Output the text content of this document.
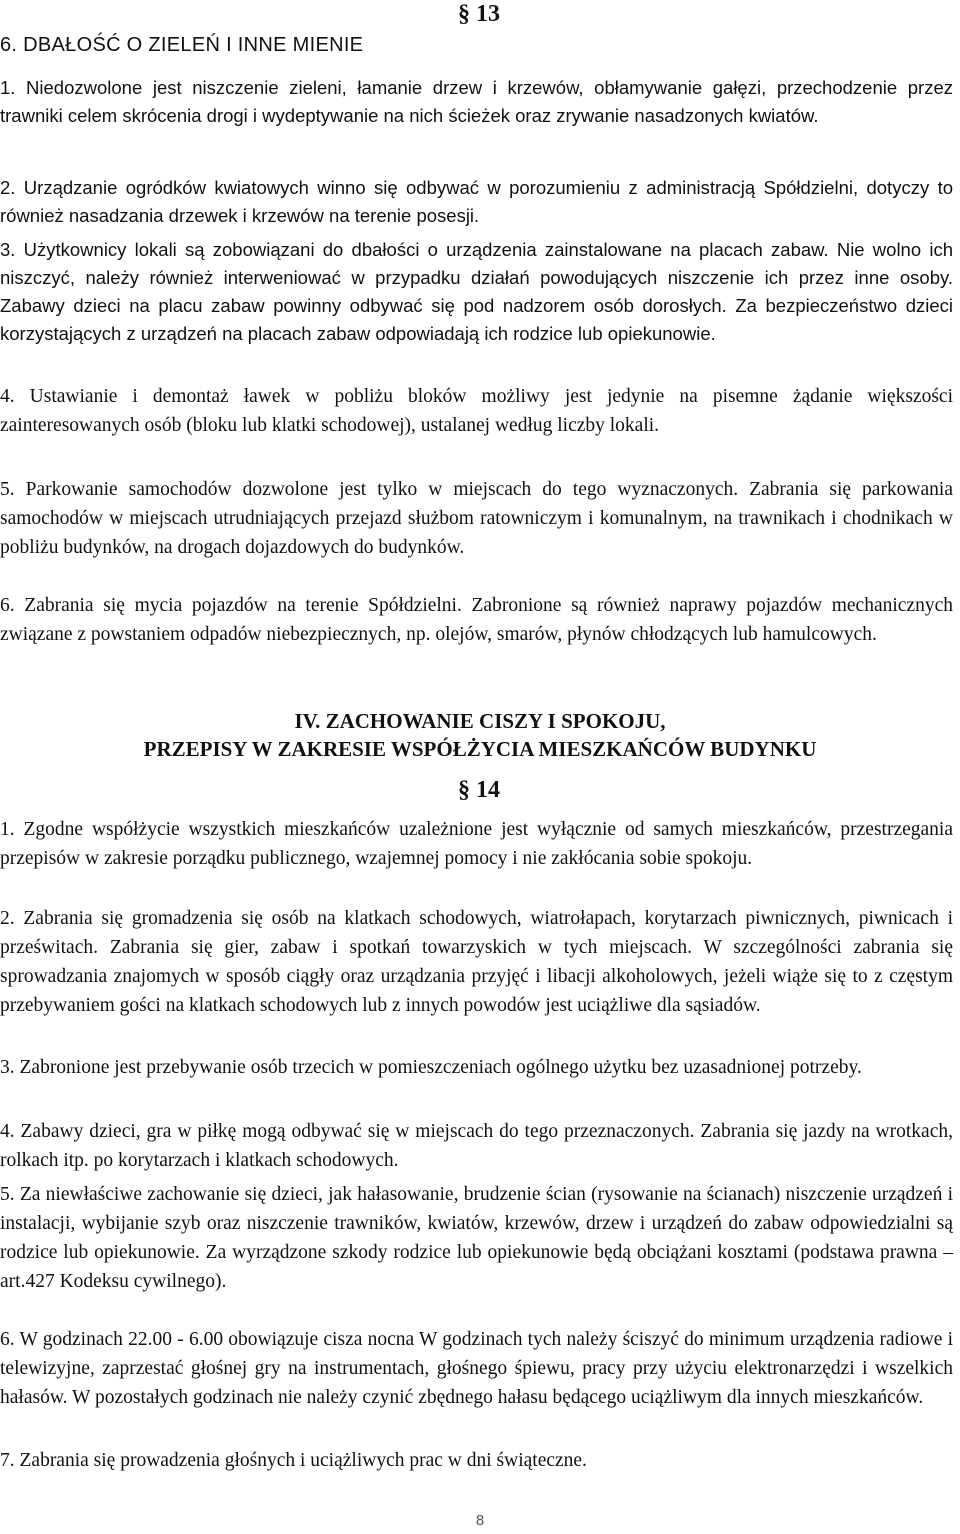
§ 13
6. DBAŁOŚĆ O ZIELEŃ I INNE MIENIE
1. Niedozwolone jest niszczenie zieleni, łamanie drzew i krzewów, obłamywanie gałęzi, przechodzenie przez trawniki celem skrócenia drogi i wydeptywanie na nich ścieżek oraz zrywanie nasadzonych kwiatów.
2. Urządzanie ogródków kwiatowych winno się odbywać w porozumieniu z administracją Spółdzielni, dotyczy to również nasadzania drzewek i krzewów na terenie posesji.
3. Użytkownicy lokali są zobowiązani do dbałości o urządzenia zainstalowane na placach zabaw. Nie wolno ich niszczyć, należy również interweniować w przypadku działań powodujących niszczenie ich przez inne osoby. Zabawy dzieci na placu zabaw powinny odbywać się pod nadzorem osób dorosłych. Za bezpieczeństwo dzieci korzystających z urządzeń na placach zabaw odpowiadają ich rodzice lub opiekunowie.
4. Ustawianie i demontaż ławek w pobliżu bloków możliwy jest jedynie na pisemne żądanie większości zainteresowanych osób (bloku lub klatki schodowej), ustalanej według liczby lokali.
5. Parkowanie samochodów dozwolone jest tylko w miejscach do tego wyznaczonych. Zabrania się parkowania samochodów w miejscach utrudniających przejazd służbom ratowniczym i komunalnym, na trawnikach i chodnikach w pobliżu budynków, na drogach dojazdowych do budynków.
6. Zabrania się mycia pojazdów na terenie Spółdzielni. Zabronione są również naprawy pojazdów mechanicznych związane z powstaniem odpadów niebezpiecznych, np. olejów, smarów, płynów chłodzących lub hamulcowych.
IV. ZACHOWANIE CISZY I SPOKOJU,
PRZEPISY W ZAKRESIE WSPÓŁŻYCIA MIESZKAŃCÓW BUDYNKU
§ 14
1. Zgodne współżycie wszystkich mieszkańców uzależnione jest wyłącznie od samych mieszkańców, przestrzegania przepisów w zakresie porządku publicznego, wzajemnej pomocy i nie zakłócania sobie spokoju.
2. Zabrania się gromadzenia się osób na klatkach schodowych, wiatrołapach, korytarzach piwnicznych, piwnicach i prześwitach. Zabrania się gier, zabaw i spotkań towarzyskich w tych miejscach. W szczególności zabrania się sprowadzania znajomych w sposób ciągły oraz urządzania przyjęć i libacji alkoholowych, jeżeli wiąże się to z częstym przebywaniem gości na klatkach schodowych lub z innych powodów jest uciążliwe dla sąsiadów.
3. Zabronione jest przebywanie osób trzecich w pomieszczeniach ogólnego użytku bez uzasadnionej potrzeby.
4. Zabawy dzieci, gra w piłkę mogą odbywać się w miejscach do tego przeznaczonych. Zabrania się jazdy na wrotkach, rolkach itp. po korytarzach i klatkach schodowych.
5. Za niewłaściwe zachowanie się dzieci, jak hałasowanie, brudzenie ścian (rysowanie na ścianach) niszczenie urządzeń i instalacji, wybijanie szyb oraz niszczenie trawników, kwiatów, krzewów, drzew i urządzeń do zabaw odpowiedzialni są rodzice lub opiekunowie. Za wyrządzone szkody rodzice lub opiekunowie będą obciążani kosztami (podstawa prawna – art.427 Kodeksu cywilnego).
6. W godzinach 22.00 - 6.00 obowiązuje cisza nocna W godzinach tych należy ściszyć do minimum urządzenia radiowe i telewizyjne, zaprzestać głośnej gry na instrumentach, głośnego śpiewu, pracy przy użyciu elektronarzędzi i wszelkich hałasów. W pozostałych godzinach nie należy czynić zbędnego hałasu będącego uciążliwym dla innych mieszkańców.
7. Zabrania się prowadzenia głośnych i uciążliwych prac w dni świąteczne.
8
